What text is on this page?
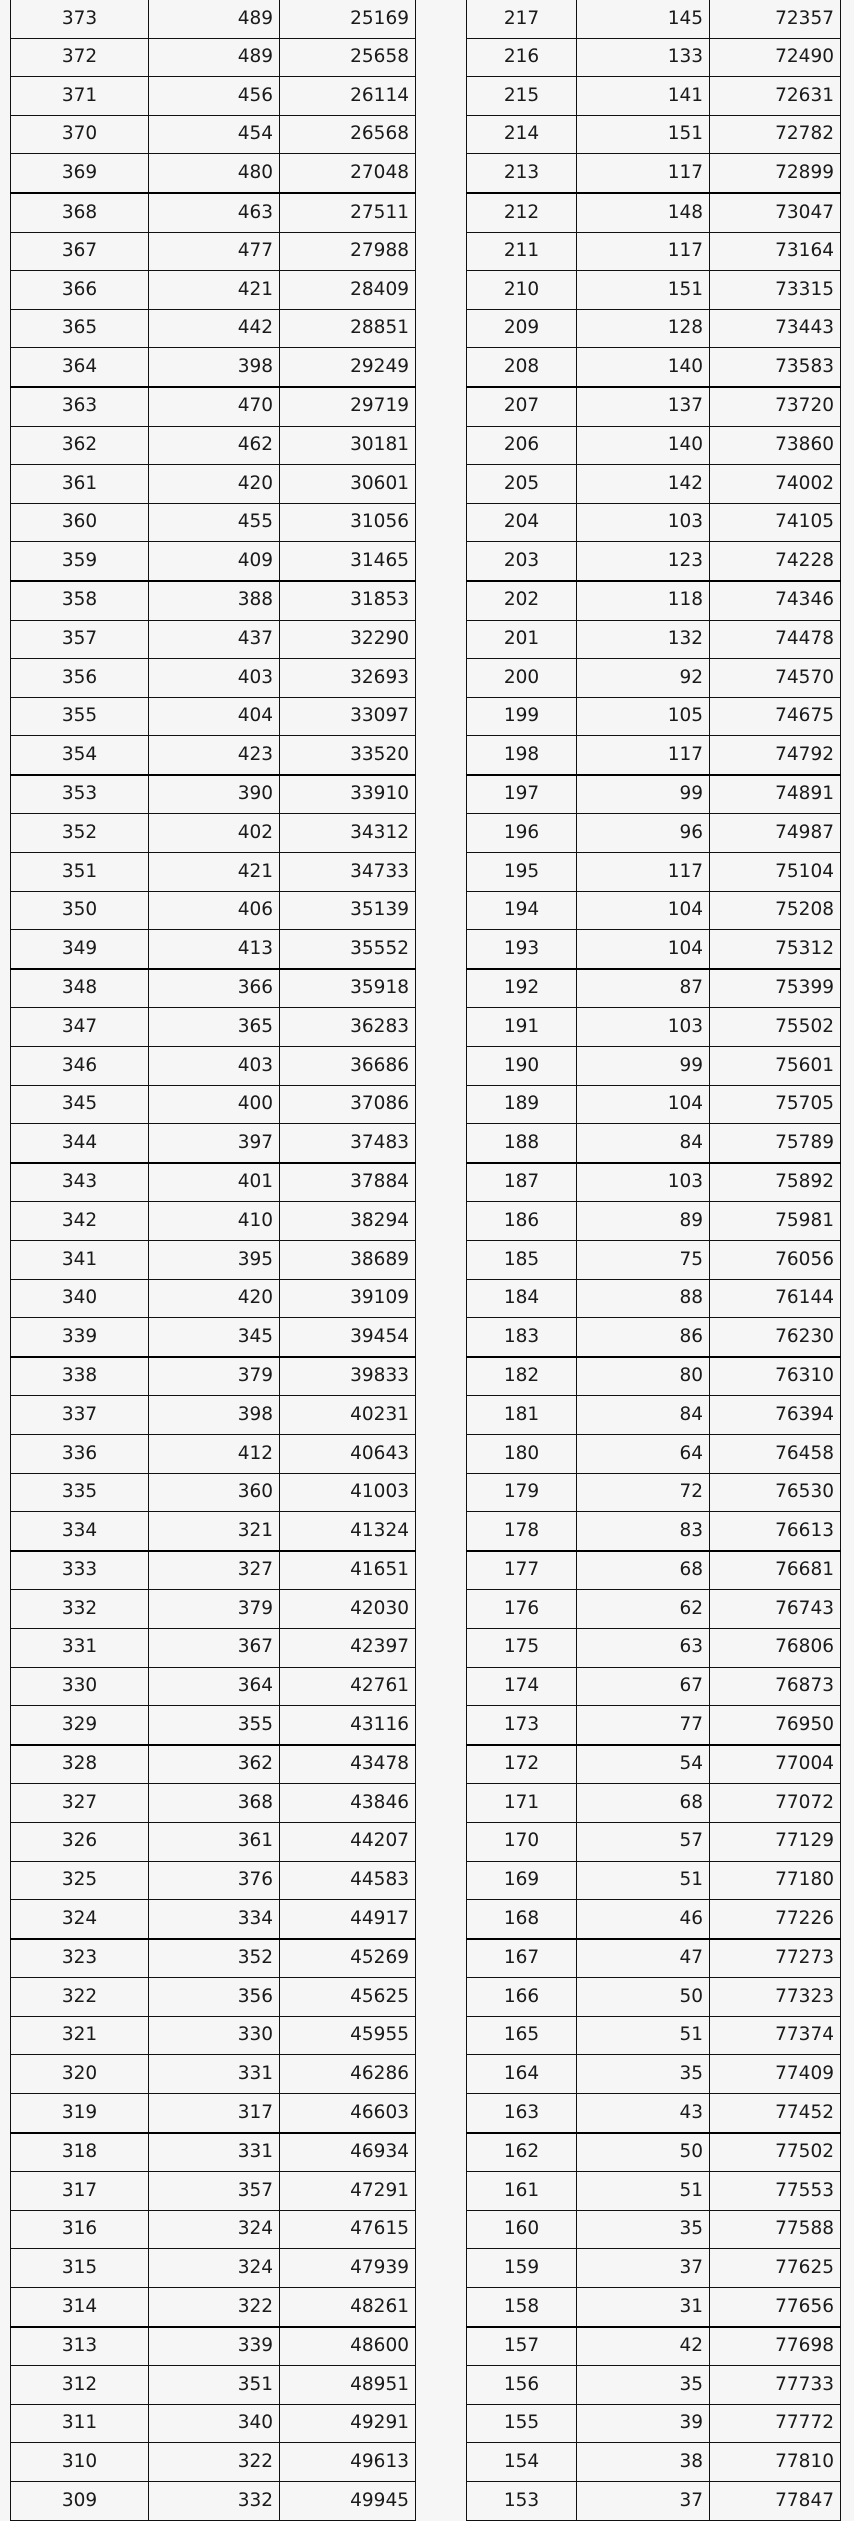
373	489	25169
372	489	25658
371	456	26114
370	454	26568
369	480	27048
368	463	27511
367	477	27988
366	421	28409
365	442	28851
364	398	29249
363	470	29719
362	462	30181
361	420	30601
360	455	31056
359	409	31465
358	388	31853
357	437	32290
356	403	32693
355	404	33097
354	423	33520
353	390	33910
352	402	34312
351	421	34733
350	406	35139
349	413	35552
348	366	35918
347	365	36283
346	403	36686
345	400	37086
344	397	37483
343	401	37884
342	410	38294
341	395	38689
340	420	39109
339	345	39454
338	379	39833
337	398	40231
336	412	40643
335	360	41003
334	321	41324
333	327	41651
332	379	42030
331	367	42397
330	364	42761
329	355	43116
328	362	43478
327	368	43846
326	361	44207
325	376	44583
324	334	44917
323	352	45269
322	356	45625
321	330	45955
320	331	46286
319	317	46603
318	331	46934
317	357	47291
316	324	47615
315	324	47939
314	322	48261
313	339	48600
312	351	48951
311	340	49291
310	322	49613
309	332	49945
217	145	72357
216	133	72490
215	141	72631
214	151	72782
213	117	72899
212	148	73047
211	117	73164
210	151	73315
209	128	73443
208	140	73583
207	137	73720
206	140	73860
205	142	74002
204	103	74105
203	123	74228
202	118	74346
201	132	74478
200	92	74570
199	105	74675
198	117	74792
197	99	74891
196	96	74987
195	117	75104
194	104	75208
193	104	75312
192	87	75399
191	103	75502
190	99	75601
189	104	75705
188	84	75789
187	103	75892
186	89	75981
185	75	76056
184	88	76144
183	86	76230
182	80	76310
181	84	76394
180	64	76458
179	72	76530
178	83	76613
177	68	76681
176	62	76743
175	63	76806
174	67	76873
173	77	76950
172	54	77004
171	68	77072
170	57	77129
169	51	77180
168	46	77226
167	47	77273
166	50	77323
165	51	77374
164	35	77409
163	43	77452
162	50	77502
161	51	77553
160	35	77588
159	37	77625
158	31	77656
157	42	77698
156	35	77733
155	39	77772
154	38	77810
153	37	77847
